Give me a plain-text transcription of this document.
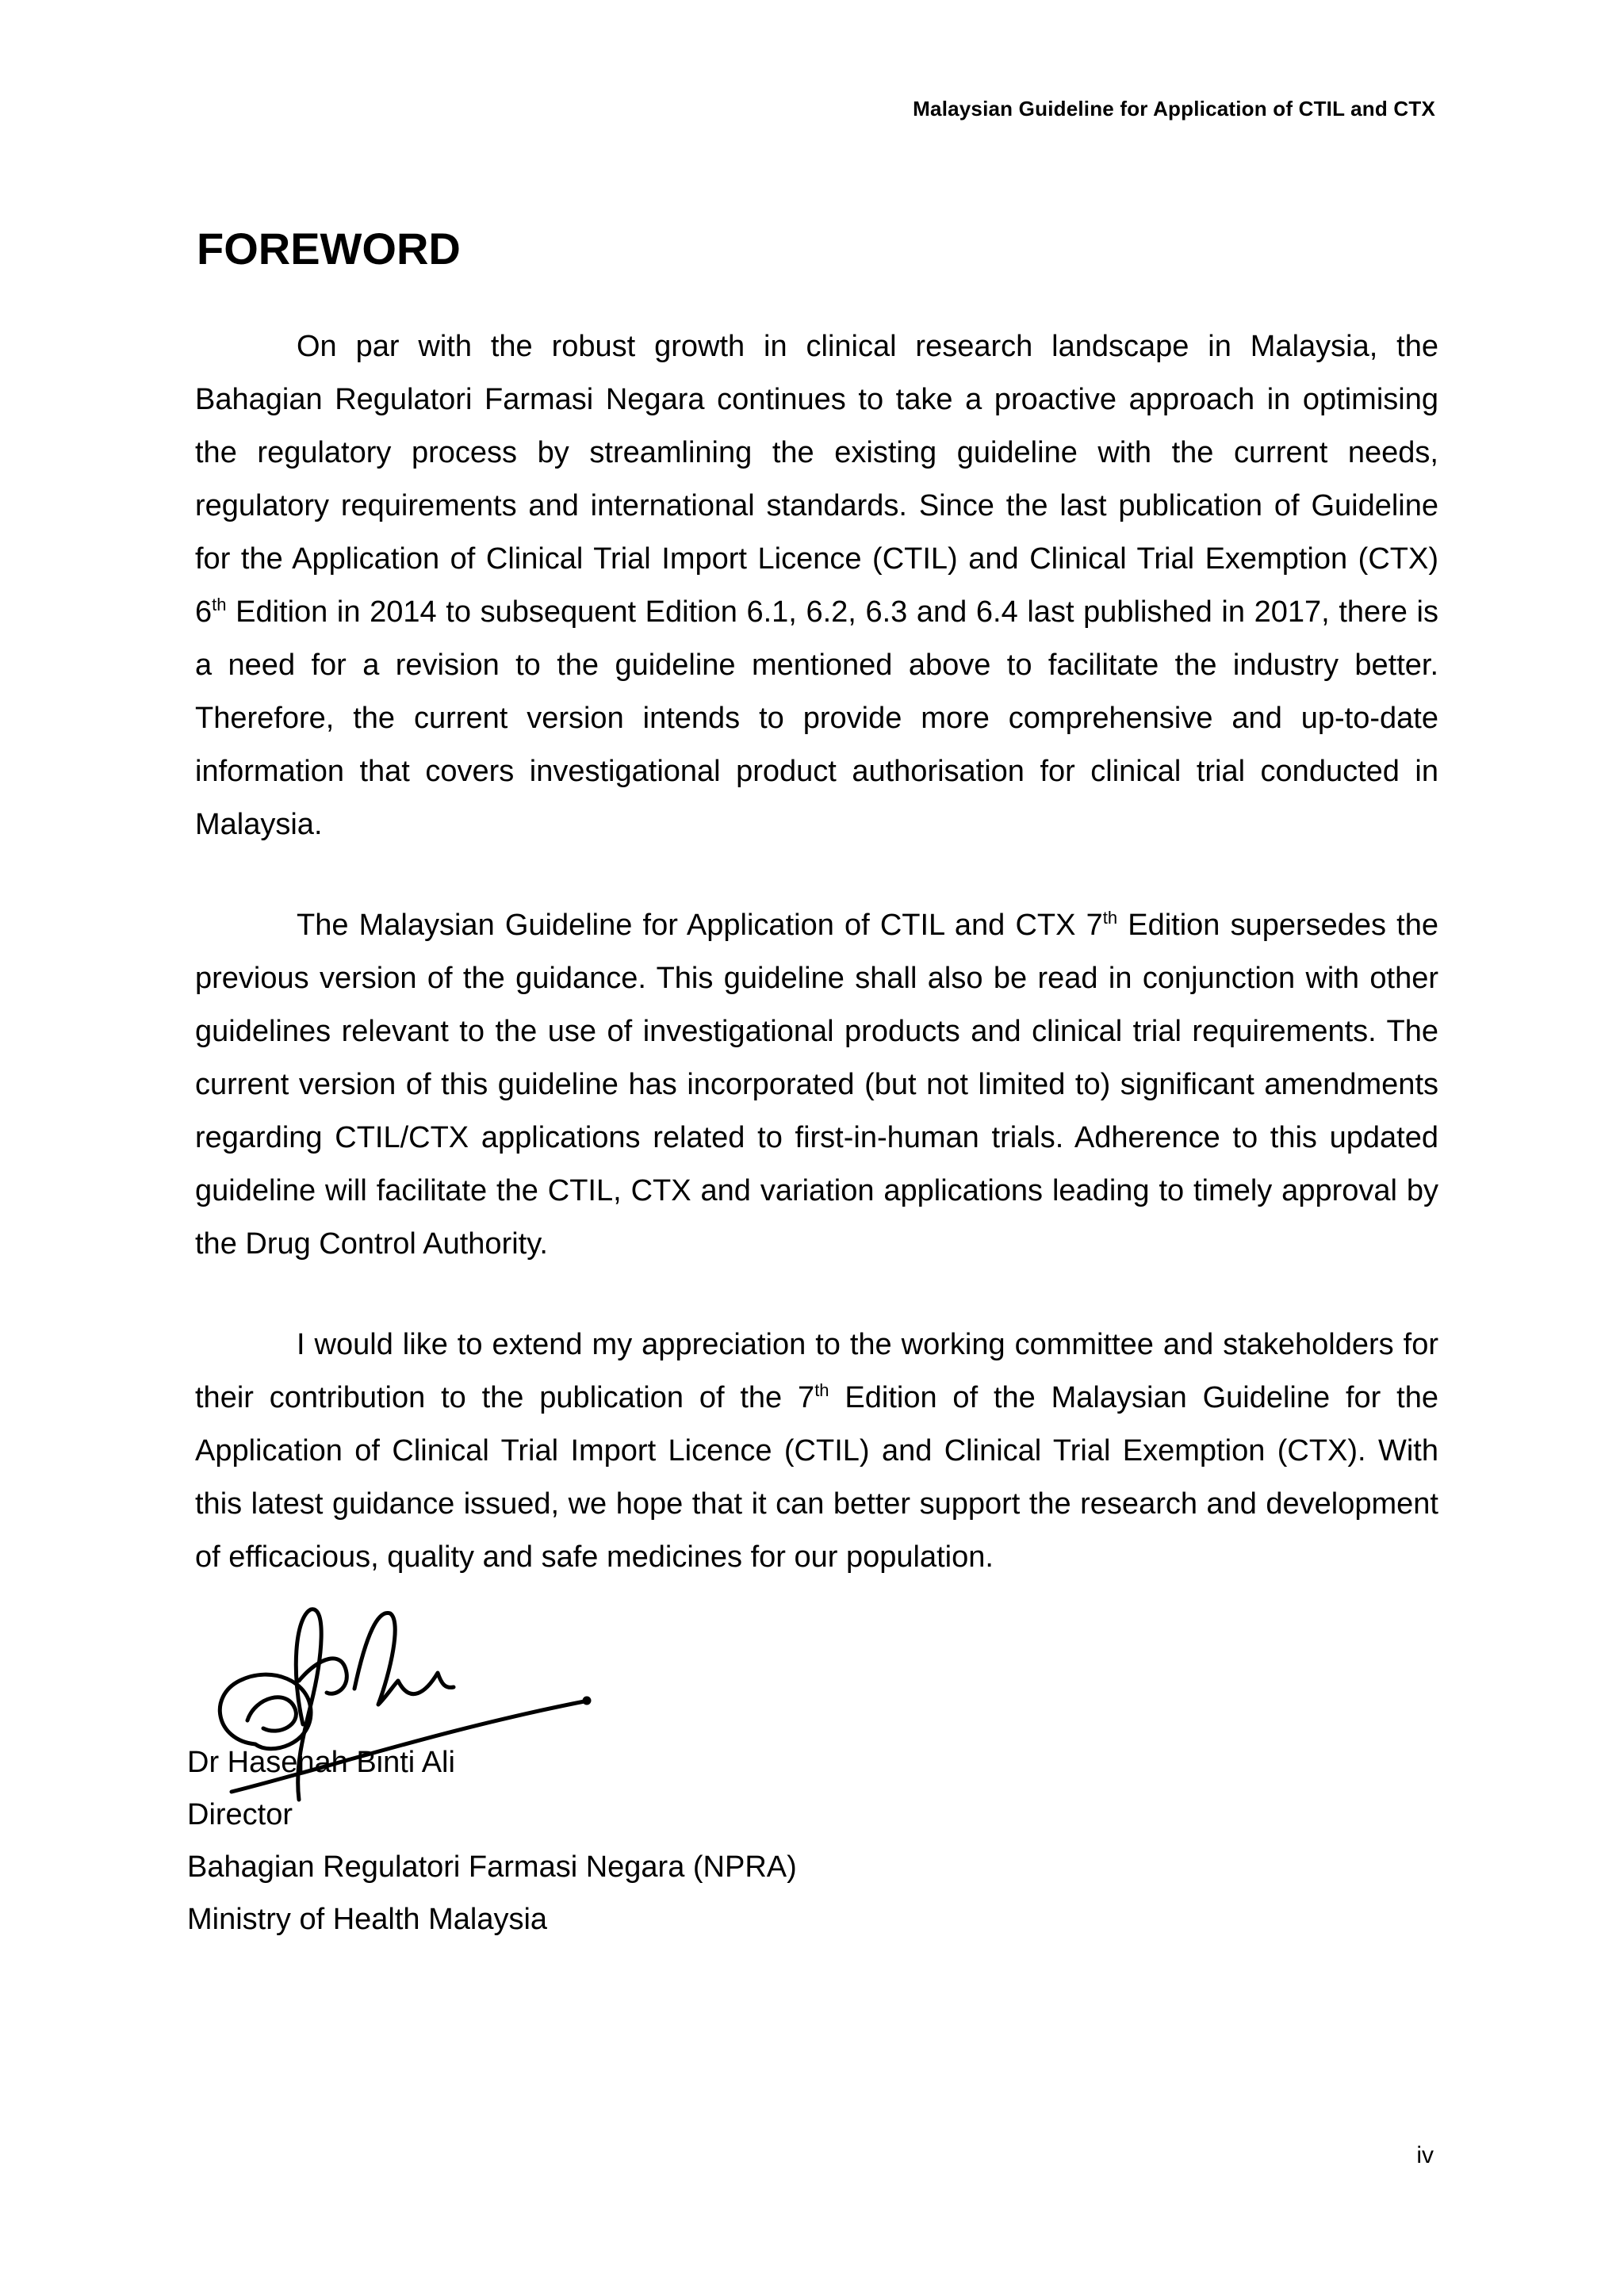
Malaysian Guideline for Application of CTIL and CTX
FOREWORD

On par with the robust growth in clinical research landscape in Malaysia, the Bahagian Regulatori Farmasi Negara continues to take a proactive approach in optimising the regulatory process by streamlining the existing guideline with the current needs, regulatory requirements and international standards. Since the last publication of Guideline for the Application of Clinical Trial Import Licence (CTIL) and Clinical Trial Exemption (CTX) 6th Edition in 2014 to subsequent Edition 6.1, 6.2, 6.3 and 6.4 last published in 2017, there is a need for a revision to the guideline mentioned above to facilitate the industry better. Therefore, the current version intends to provide more comprehensive and up-to-date information that covers investigational product authorisation for clinical trial conducted in Malaysia.

The Malaysian Guideline for Application of CTIL and CTX 7th Edition supersedes the previous version of the guidance. This guideline shall also be read in conjunction with other guidelines relevant to the use of investigational products and clinical trial requirements. The current version of this guideline has incorporated (but not limited to) significant amendments regarding CTIL/CTX applications related to first-in-human trials. Adherence to this updated guideline will facilitate the CTIL, CTX and variation applications leading to timely approval by the Drug Control Authority.

I would like to extend my appreciation to the working committee and stakeholders for their contribution to the publication of the 7th Edition of the Malaysian Guideline for the Application of Clinical Trial Import Licence (CTIL) and Clinical Trial Exemption (CTX). With this latest guidance issued, we hope that it can better support the research and development of efficacious, quality and safe medicines for our population.

Dr Hasenah Binti Ali
Director
Bahagian Regulatori Farmasi Negara (NPRA)
Ministry of Health Malaysia
iv
